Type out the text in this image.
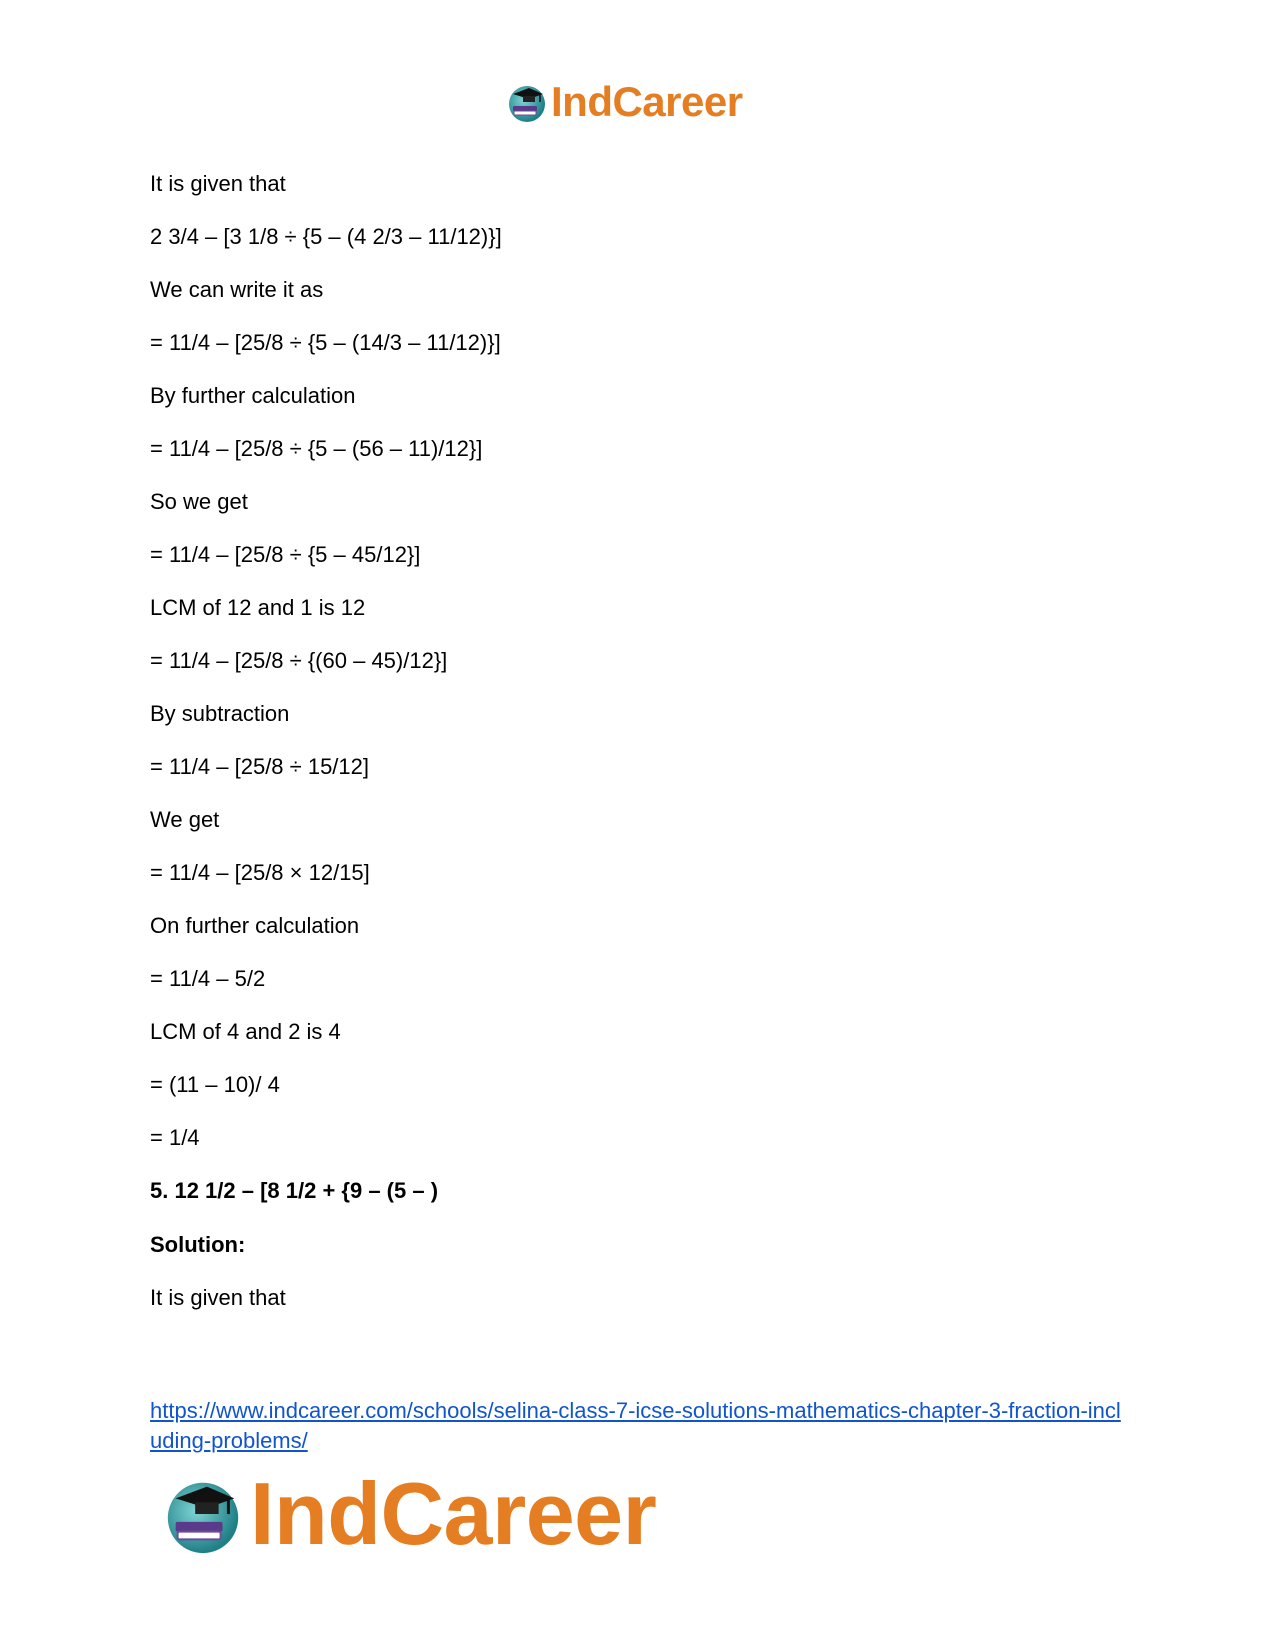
IndCareer
It is given that
2 3/4 – [3 1/8 ÷ {5 – (4 2/3 – 11/12)}]
We can write it as
= 11/4 – [25/8 ÷ {5 – (14/3 – 11/12)}]
By further calculation
= 11/4 – [25/8 ÷ {5 – (56 – 11)/12}]
So we get
= 11/4 – [25/8 ÷ {5 – 45/12}]
LCM of 12 and 1 is 12
= 11/4 – [25/8 ÷ {(60 – 45)/12}]
By subtraction
= 11/4 – [25/8 ÷ 15/12]
We get
= 11/4 – [25/8 × 12/15]
On further calculation
= 11/4 – 5/2
LCM of 4 and 2 is 4
= (11 – 10)/ 4
= 1/4
5. 12 1/2 – [8 1/2 + {9 – (5 – )
Solution:
It is given that
https://www.indcareer.com/schools/selina-class-7-icse-solutions-mathematics-chapter-3-fraction-including-problems/
IndCareer
